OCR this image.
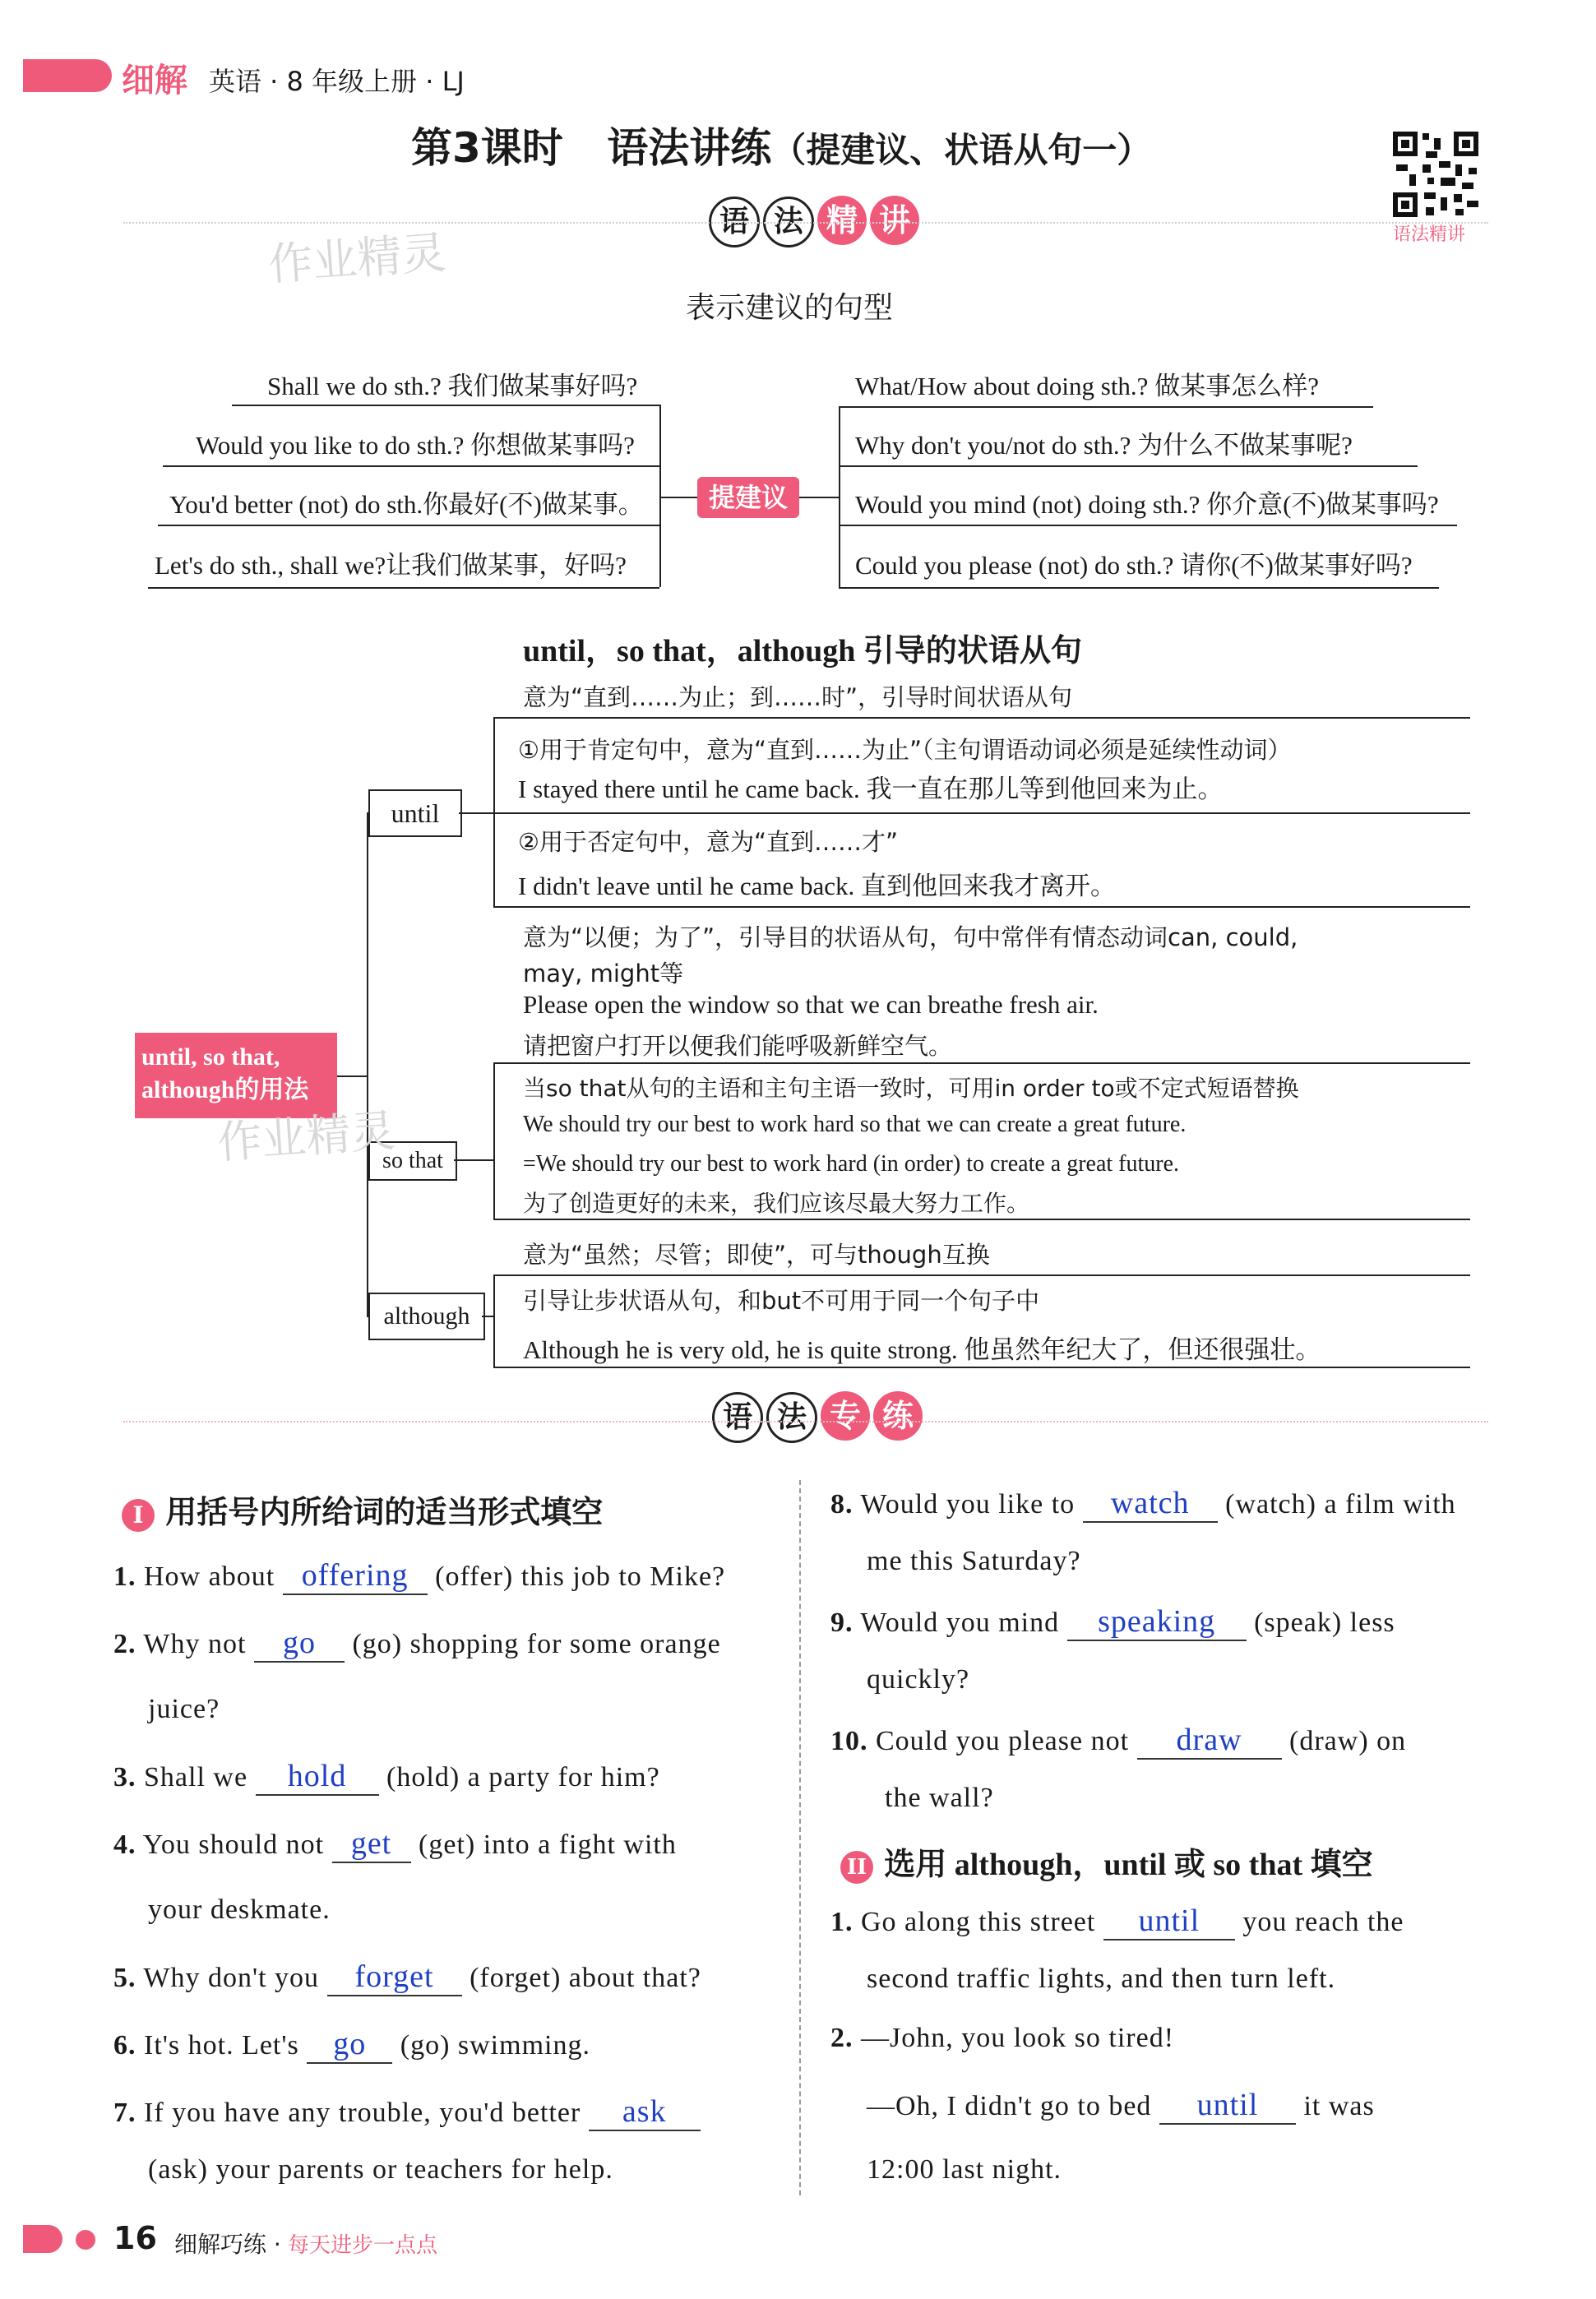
细解 英语 · 8 年级上册 · LJ
第3课时 语法讲练（提建议、状语从句一）
语法精讲
语 法 精 讲
表示建议的句型
Shall we do sth.? 我们做某事好吗?
Would you like to do sth.? 你想做某事吗?
You'd better (not) do sth.你最好(不)做某事。
Let's do sth., shall we?让我们做某事，好吗?
提建议
What/How about doing sth.? 做某事怎么样?
Why don't you/not do sth.? 为什么不做某事呢?
Would you mind (not) doing sth.? 你介意(不)做某事吗?
Could you please (not) do sth.? 请你(不)做某事好吗?
until，so that，although 引导的状语从句
until, so that, although的用法
until
意为“直到……为止；到……时”，引导时间状语从句
①用于肯定句中，意为“直到……为止”（主句谓语动词必须是延续性动词）
I stayed there until he came back. 我一直在那儿等到他回来为止。
②用于否定句中，意为“直到……才”
I didn't leave until he came back. 直到他回来我才离开。
so that
意为“以便；为了”，引导目的状语从句，句中常伴有情态动词can, could,
may, might等
Please open the window so that we can breathe fresh air.
请把窗户打开以便我们能呼吸新鲜空气。
当so that从句的主语和主句主语一致时，可用in order to或不定式短语替换
We should try our best to work hard so that we can create a great future.
=We should try our best to work hard (in order) to create a great future.
为了创造更好的未来，我们应该尽最大努力工作。
although
意为“虽然；尽管；即使”，可与though互换
引导让步状语从句，和but不可用于同一个句子中
Although he is very old, he is quite strong. 他虽然年纪大了，但还很强壮。
作业精灵
作业精灵
语 法 专 练
I 用括号内所给词的适当形式填空
1. How about offering (offer) this job to Mike?
2. Why not go (go) shopping for some orange
juice?
3. Shall we hold (hold) a party for him?
4. You should not get (get) into a fight with
your deskmate.
5. Why don't you forget (forget) about that?
6. It's hot. Let's go (go) swimming.
7. If you have any trouble, you'd better ask
(ask) your parents or teachers for help.
8. Would you like to watch (watch) a film with
me this Saturday?
9. Would you mind speaking (speak) less
quickly?
10. Could you please not draw (draw) on
the wall?
II 选用 although，until 或 so that 填空
1. Go along this street until you reach the
second traffic lights, and then turn left.
2. —John, you look so tired!
—Oh, I didn't go to bed until it was
12:00 last night.
16 细解巧练 · 每天进步一点点
